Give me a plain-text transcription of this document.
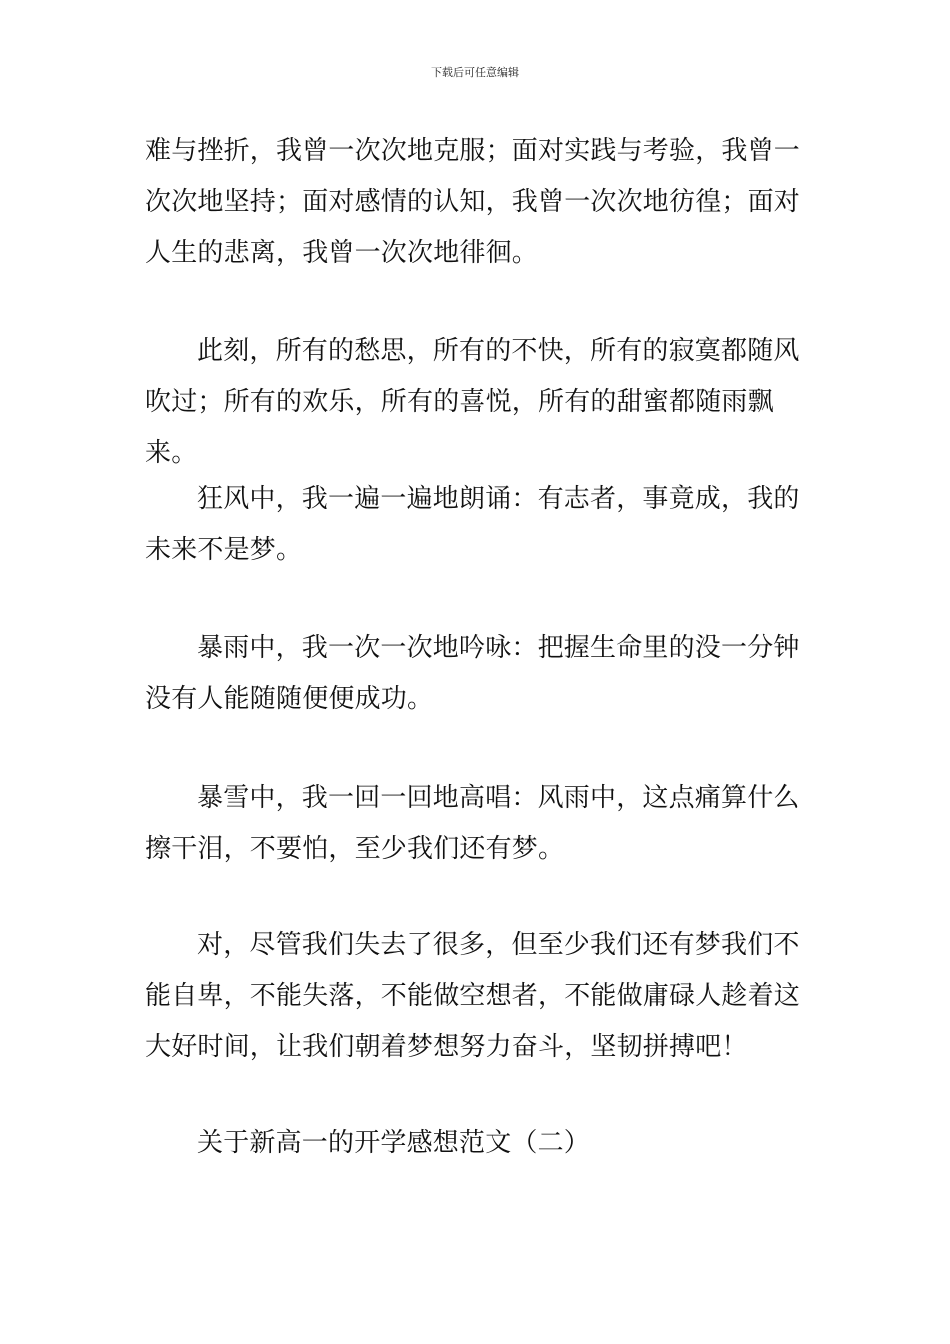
下载后可任意编辑

难与挫折，我曾一次次地克服；面对实践与考验，我曾一次次地坚持；面对感情的认知，我曾一次次地彷徨；面对人生的悲离，我曾一次次地徘徊。

此刻，所有的愁思，所有的不快，所有的寂寞都随风吹过；所有的欢乐，所有的喜悦，所有的甜蜜都随雨飘来。

狂风中，我一遍一遍地朗诵：有志者，事竟成，我的未来不是梦。

暴雨中，我一次一次地吟咏：把握生命里的没一分钟没有人能随随便便成功。

暴雪中，我一回一回地高唱：风雨中，这点痛算什么擦干泪，不要怕，至少我们还有梦。

对，尽管我们失去了很多，但至少我们还有梦我们不能自卑，不能失落，不能做空想者，不能做庸碌人趁着这大好时间，让我们朝着梦想努力奋斗，坚韧拼搏吧！

关于新高一的开学感想范文（二）
